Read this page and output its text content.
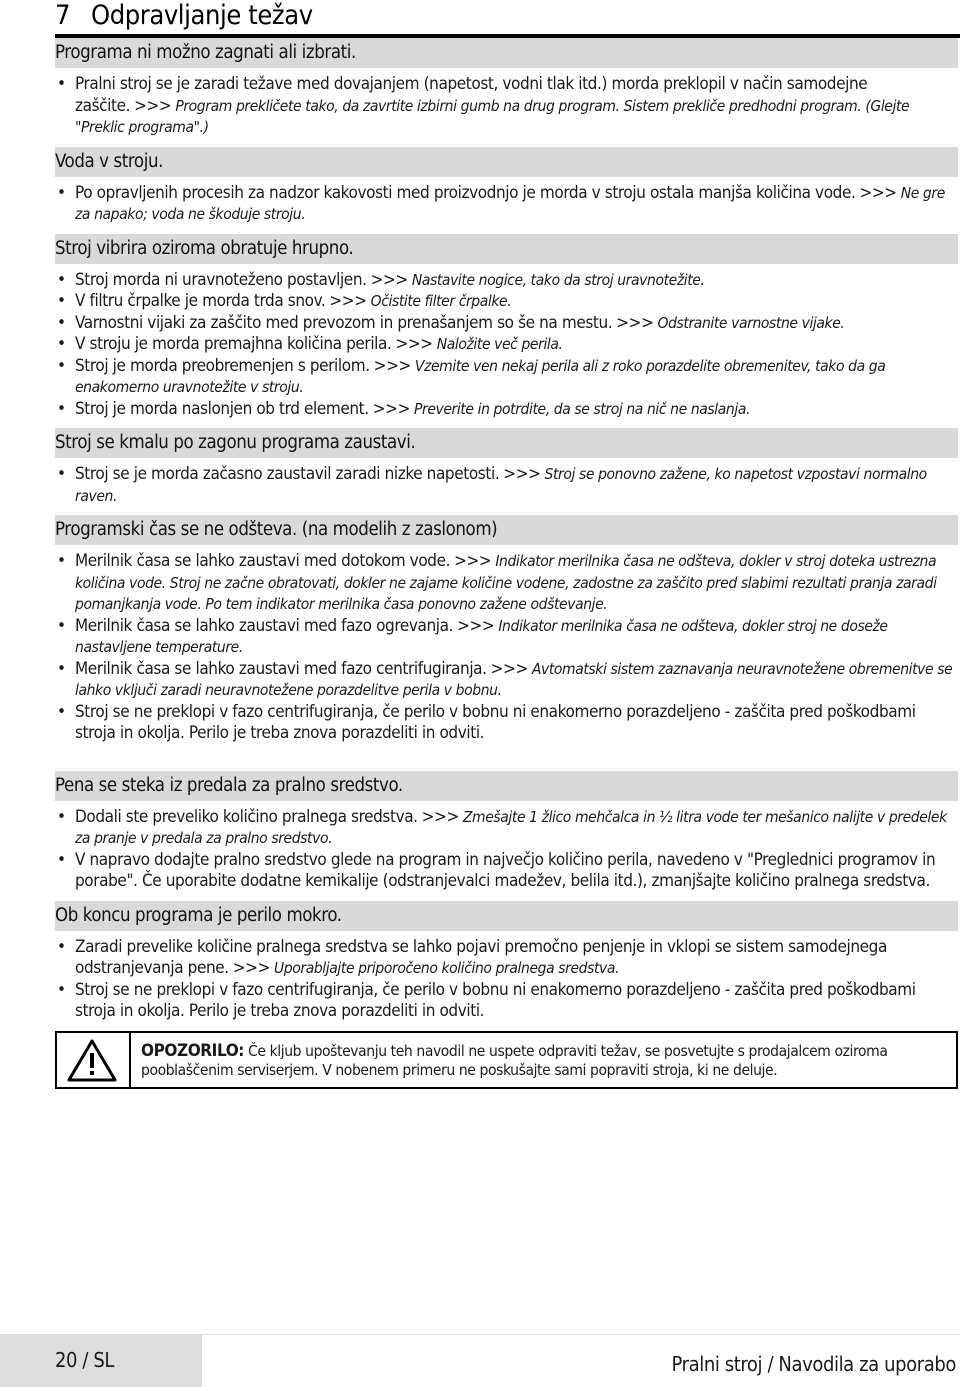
7 Odpravljanje težav
Programa ni možno zagnati ali izbrati.
• Pralni stroj se je zaradi težave med dovajanjem (napetost, vodni tlak itd.) morda preklopil v način samodejne zaščite. >>> Program prekličete tako, da zavrtite izbirni gumb na drug program. Sistem prekliče predhodni program. (Glejte "Preklic programa".)
Voda v stroju.
• Po opravljenih procesih za nadzor kakovosti med proizvodnjo je morda v stroju ostala manjša količina vode. >>> Ne gre za napako; voda ne škoduje stroju.
Stroj vibrira oziroma obratuje hrupno.
• Stroj morda ni uravnoteženo postavljen. >>> Nastavite nogice, tako da stroj uravnotežite.
• V filtru črpalke je morda trda snov. >>> Očistite filter črpalke.
• Varnostni vijaki za zaščito med prevozom in prenašanjem so še na mestu. >>> Odstranite varnostne vijake.
• V stroju je morda premajhna količina perila. >>> Naložite več perila.
• Stroj je morda preobremenjen s perilom. >>> Vzemite ven nekaj perila ali z roko porazdelite obremenitev, tako da ga enakomerno uravnotežite v stroju.
• Stroj je morda naslonjen ob trd element. >>> Preverite in potrdite, da se stroj na nič ne naslanja.
Stroj se kmalu po zagonu programa zaustavi.
• Stroj se je morda začasno zaustavil zaradi nizke napetosti. >>> Stroj se ponovno zažene, ko napetost vzpostavi normalno raven.
Programski čas se ne odšteva. (na modelih z zaslonom)
• Merilnik časa se lahko zaustavi med dotokom vode. >>> Indikator merilnika časa ne odšteva, dokler v stroj doteka ustrezna količina vode. Stroj ne začne obratovati, dokler ne zajame količine vodene, zadostne za zaščito pred slabimi rezultati pranja zaradi pomanjkanja vode. Po tem indikator merilnika časa ponovno zažene odštevanje.
• Merilnik časa se lahko zaustavi med fazo ogrevanja. >>> Indikator merilnika časa ne odšteva, dokler stroj ne doseže nastavljene temperature.
• Merilnik časa se lahko zaustavi med fazo centrifugiranja. >>> Avtomatski sistem zaznavanja neuravnotežene obremenitve se lahko vključi zaradi neuravnotežene porazdelitve perila v bobnu.
• Stroj se ne preklopi v fazo centrifugiranja, če perilo v bobnu ni enakomerno porazdeljeno - zaščita pred poškodbami stroja in okolja. Perilo je treba znova porazdeliti in odviti.
Pena se steka iz predala za pralno sredstvo.
• Dodali ste preveliko količino pralnega sredstva. >>> Zmešajte 1 žlico mehčalca in ½ litra vode ter mešanico nalijte v predelek za pranje v predala za pralno sredstvo.
• V napravo dodajte pralno sredstvo glede na program in največjo količino perila, navedeno v "Preglednici programov in porabe". Če uporabite dodatne kemikalije (odstranjevalci madežev, belila itd.), zmanjšajte količino pralnega sredstva.
Ob koncu programa je perilo mokro.
• Zaradi prevelike količine pralnega sredstva se lahko pojavi premočno penjenje in vklopi se sistem samodejnega odstranjevanja pene. >>> Uporabljajte priporočeno količino pralnega sredstva.
• Stroj se ne preklopi v fazo centrifugiranja, če perilo v bobnu ni enakomerno porazdeljeno - zaščita pred poškodbami stroja in okolja. Perilo je treba znova porazdeliti in odviti.
OPOZORILO: Če kljub upoštevanju teh navodil ne uspete odpraviti težav, se posvetujte s prodajalcem oziroma pooblaščenim serviserjem. V nobenem primeru ne poskušajte sami popraviti stroja, ki ne deluje.
20 / SL	Pralni stroj / Navodila za uporabo
